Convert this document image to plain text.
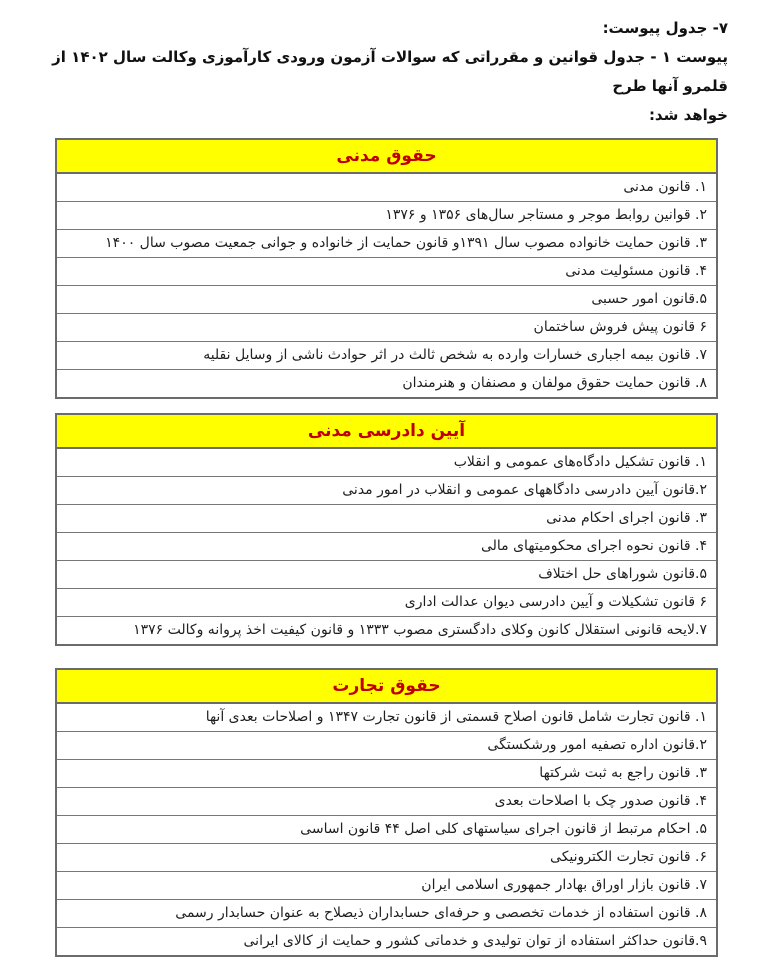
۷- جدول پیوست:
پیوست ۱ - جدول قوانین و مقرراتی که سوالات آزمون ورودی کارآموزی وکالت سال ۱۴۰۲ از قلمرو آنها طرح
خواهد شد:
حقوق مدنی
۱. قانون مدنی
۲. قوانین روابط موجر و مستاجر سال‌های ۱۳۵۶ و ۱۳۷۶
۳. قانون حمایت خانواده مصوب سال ۱۳۹۱و قانون حمایت از خانواده و جوانی جمعیت مصوب سال ۱۴۰۰
۴. قانون مسئولیت مدنی
۵.قانون امور حسبی
۶ قانون پیش فروش ساختمان
۷. قانون بیمه اجباری خسارات وارده به شخص ثالث در اثر حوادث ناشی از وسایل نقلیه
۸. قانون حمایت حقوق مولفان و مصنفان و هنرمندان
آیین دادرسی مدنی
۱. قانون تشکیل دادگاه‌های عمومی و انقلاب
۲.قانون آیین دادرسی دادگاههای عمومی و انقلاب در امور مدنی
۳. قانون اجرای احکام مدنی
۴. قانون نحوه اجرای محکومیتهای مالی
۵.قانون شوراهای حل اختلاف
۶ قانون تشکیلات و آیین دادرسی دیوان عدالت اداری
۷.لایحه قانونی استقلال کانون وکلای دادگستری مصوب ۱۳۳۳ و قانون کیفیت اخذ پروانه وکالت ۱۳۷۶
حقوق تجارت
۱. قانون تجارت شامل قانون اصلاح قسمتی از قانون تجارت ۱۳۴۷ و اصلاحات بعدی آنها
۲.قانون اداره تصفیه امور ورشکستگی
۳. قانون راجع به ثبت شرکتها
۴. قانون صدور چک با اصلاحات بعدی
۵. احکام مرتبط از قانون اجرای سیاستهای کلی اصل ۴۴ قانون اساسی
۶. قانون تجارت الکترونیکی
۷. قانون بازار اوراق بهادار جمهوری اسلامی ایران
۸. قانون استفاده از خدمات تخصصی و حرفه‌ای حسابداران ذیصلاح به عنوان حسابدار رسمی
۹.قانون حداکثر استفاده از توان تولیدی و خدماتی کشور و حمایت از کالای ایرانی
